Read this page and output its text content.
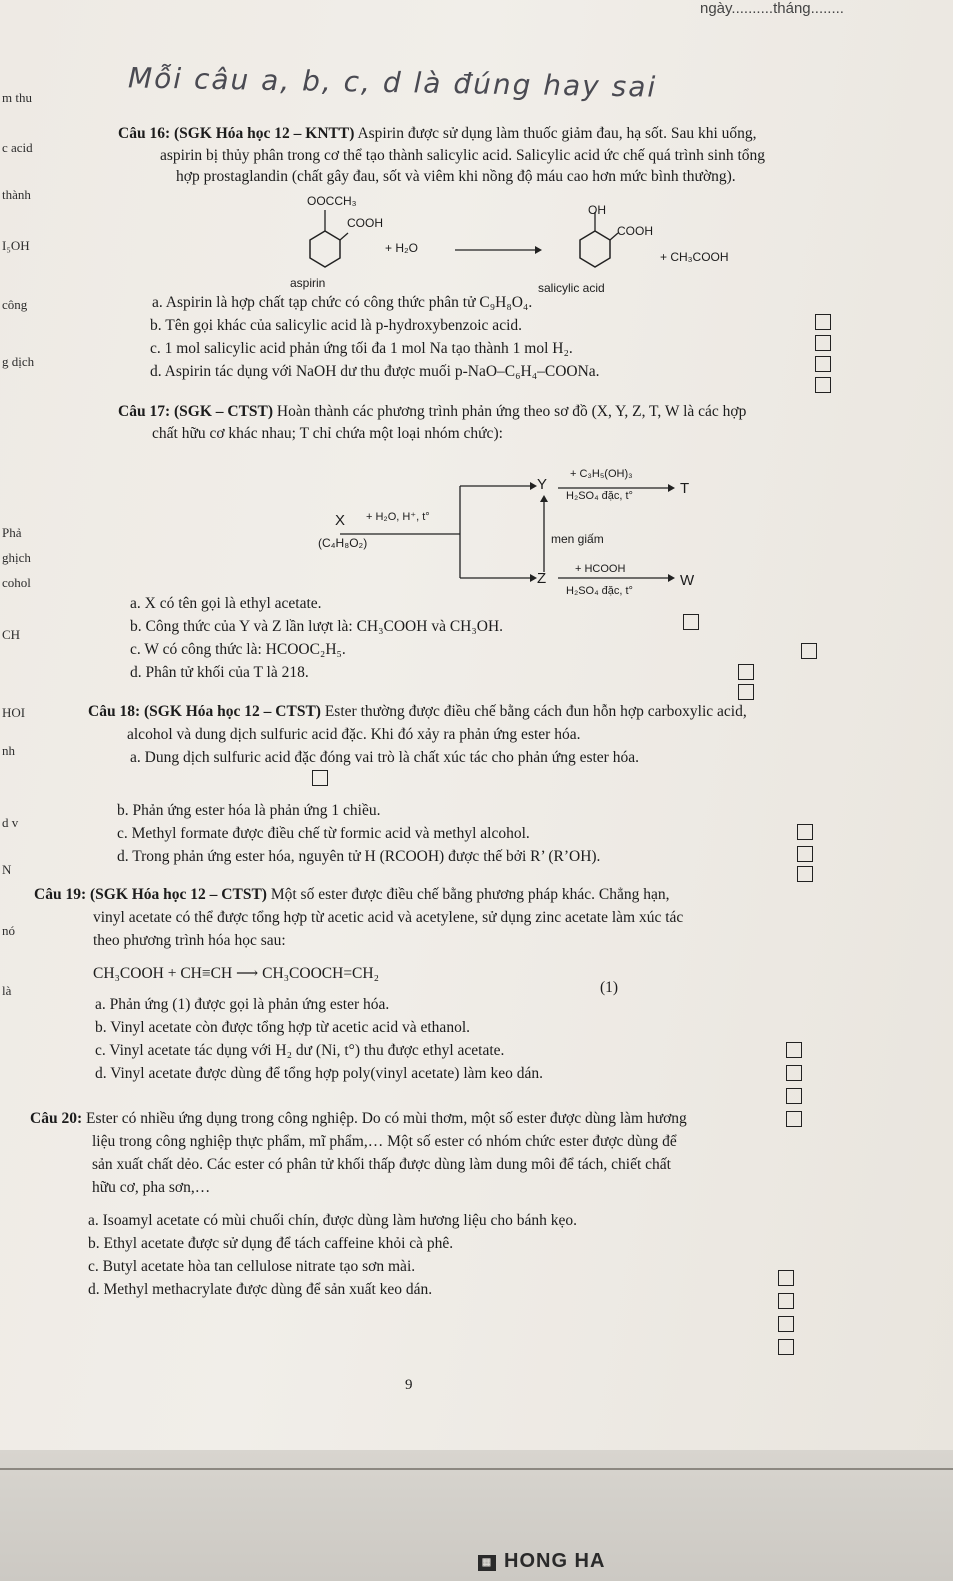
ngày..........tháng........
Mỗi câu a, b, c, d là đúng hay sai
m thu
c acid
thành
I₅OH
công
g dịch
Phả
ghịch
cohol
CH
HOI
nh
d v
N
nó
là
Câu 16: (SGK Hóa học 12 – KNTT) Aspirin được sử dụng làm thuốc giảm đau, hạ sốt. Sau khi uống,
aspirin bị thủy phân trong cơ thể tạo thành salicylic acid. Salicylic acid ức chế quá trình sinh tổng
hợp prostaglandin (chất gây đau, sốt và viêm khi nồng độ máu cao hơn mức bình thường).
OOCCH₃
COOH
+ H₂O
OH
COOH
+ CH₃COOH
aspirin	salicylic acid
a. Aspirin là hợp chất tạp chức có công thức phân tử C₉H₈O₄.
b. Tên gọi khác của salicylic acid là p-hydroxybenzoic acid.
c. 1 mol salicylic acid phản ứng tối đa 1 mol Na tạo thành 1 mol H₂.
d. Aspirin tác dụng với NaOH dư thu được muối p-NaO–C₆H₄–COONa.
Câu 17: (SGK – CTST) Hoàn thành các phương trình phản ứng theo sơ đồ (X, Y, Z, T, W là các hợp
chất hữu cơ khác nhau; T chỉ chứa một loại nhóm chức):
X
(C₄H₈O₂)
+ H₂O, H⁺, t°
Y
+ C₃H₅(OH)₃
H₂SO₄ đặc, t°	T
men giấm
Z
+ HCOOH
H₂SO₄ đặc, t°
W
a. X có tên gọi là ethyl acetate.
b. Công thức của Y và Z lần lượt là: CH₃COOH và CH₃OH.
c. W có công thức là: HCOOC₂H₅.
d. Phân tử khối của T là 218.
Câu 18: (SGK Hóa học 12 – CTST) Ester thường được điều chế bằng cách đun hỗn hợp carboxylic acid,
alcohol và dung dịch sulfuric acid đặc. Khi đó xảy ra phản ứng ester hóa.
a. Dung dịch sulfuric acid đặc đóng vai trò là chất xúc tác cho phản ứng ester hóa.
b. Phản ứng ester hóa là phản ứng 1 chiều.
c. Methyl formate được điều chế từ formic acid và methyl alcohol.
d. Trong phản ứng ester hóa, nguyên tử H (RCOOH) được thế bởi R’ (R’OH).
Câu 19: (SGK Hóa học 12 – CTST) Một số ester được điều chế bằng phương pháp khác. Chẳng hạn,
vinyl acetate có thể được tổng hợp từ acetic acid và acetylene, sử dụng zinc acetate làm xúc tác
theo phương trình hóa học sau:
CH₃COOH + CH≡CH ⟶ CH₃COOCH=CH₂
(1)
a. Phản ứng (1) được gọi là phản ứng ester hóa.
b. Vinyl acetate còn được tổng hợp từ acetic acid và ethanol.
c. Vinyl acetate tác dụng với H₂ dư (Ni, t°) thu được ethyl acetate.
d. Vinyl acetate được dùng để tổng hợp poly(vinyl acetate) làm keo dán.
Câu 20: Ester có nhiều ứng dụng trong công nghiệp. Do có mùi thơm, một số ester được dùng làm hương
liệu trong công nghiệp thực phẩm, mĩ phẩm,… Một số ester có nhóm chức ester được dùng để
sản xuất chất dẻo. Các ester có phân tử khối thấp được dùng làm dung môi để tách, chiết chất
hữu cơ, pha sơn,…
a. Isoamyl acetate có mùi chuối chín, được dùng làm hương liệu cho bánh kẹo.
b. Ethyl acetate được sử dụng để tách caffeine khỏi cà phê.
c. Butyl acetate hòa tan cellulose nitrate tạo sơn mài.
d. Methyl methacrylate được dùng để sản xuất keo dán.
9
▦ HONG HA
